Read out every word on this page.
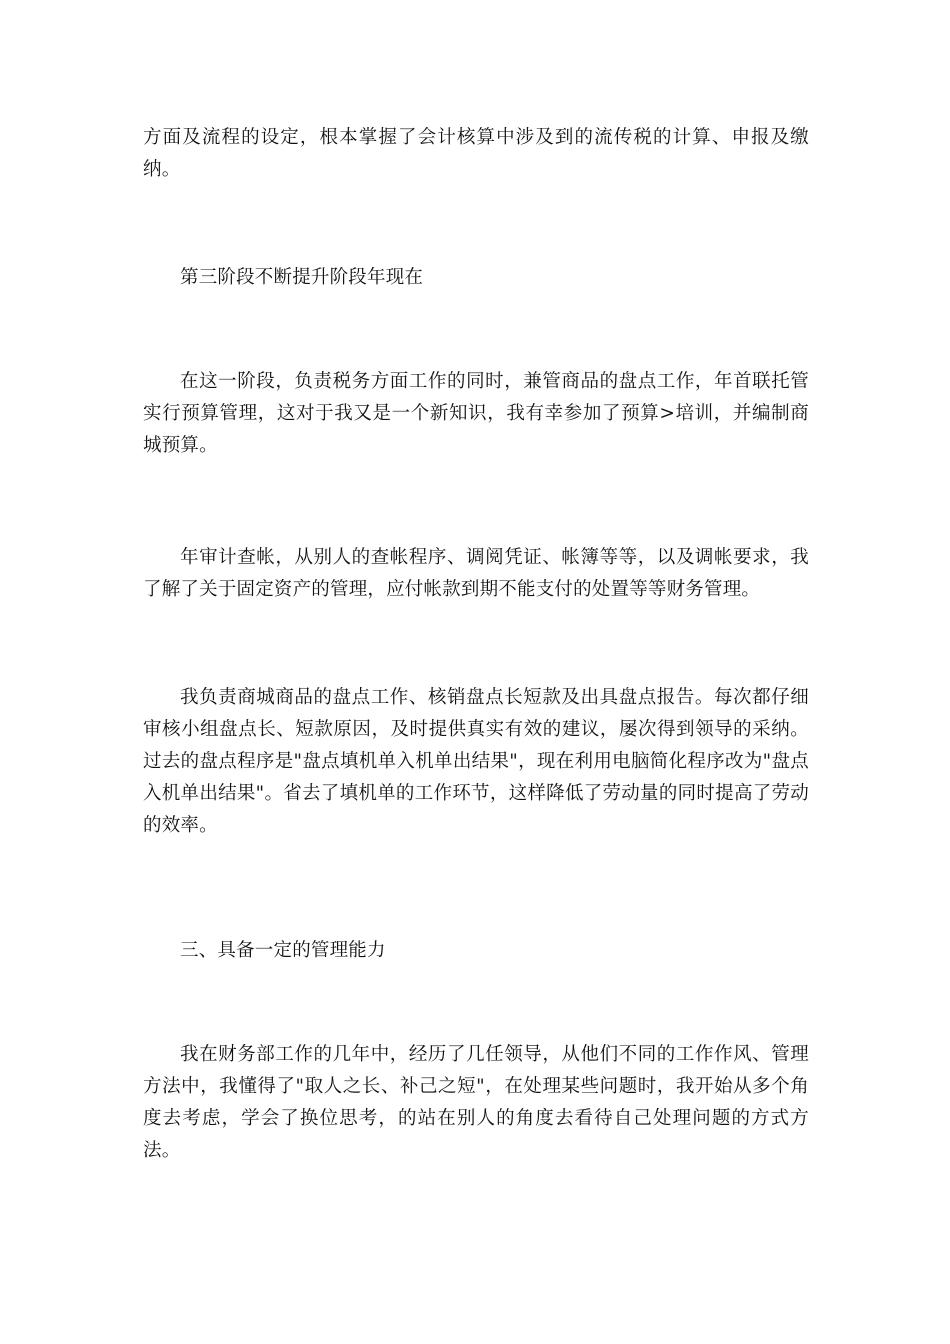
方面及流程的设定，根本掌握了会计核算中涉及到的流传税的计算、申报及缴纳。

第三阶段不断提升阶段年现在

在这一阶段，负责税务方面工作的同时，兼管商品的盘点工作，年首联托管实行预算管理，这对于我又是一个新知识，我有幸参加了预算>培训，并编制商城预算。

年审计查帐，从别人的查帐程序、调阅凭证、帐簿等等，以及调帐要求，我了解了关于固定资产的管理，应付帐款到期不能支付的处置等等财务管理。

我负责商城商品的盘点工作、核销盘点长短款及出具盘点报告。每次都仔细审核小组盘点长、短款原因，及时提供真实有效的建议，屡次得到领导的采纳。过去的盘点程序是"盘点填机单入机单出结果"，现在利用电脑简化程序改为"盘点入机单出结果"。省去了填机单的工作环节，这样降低了劳动量的同时提高了劳动的效率。

三、具备一定的管理能力

我在财务部工作的几年中，经历了几任领导，从他们不同的工作作风、管理方法中，我懂得了"取人之长、补己之短"，在处理某些问题时，我开始从多个角度去考虑，学会了换位思考，的站在别人的角度去看待自己处理问题的方式方法。
